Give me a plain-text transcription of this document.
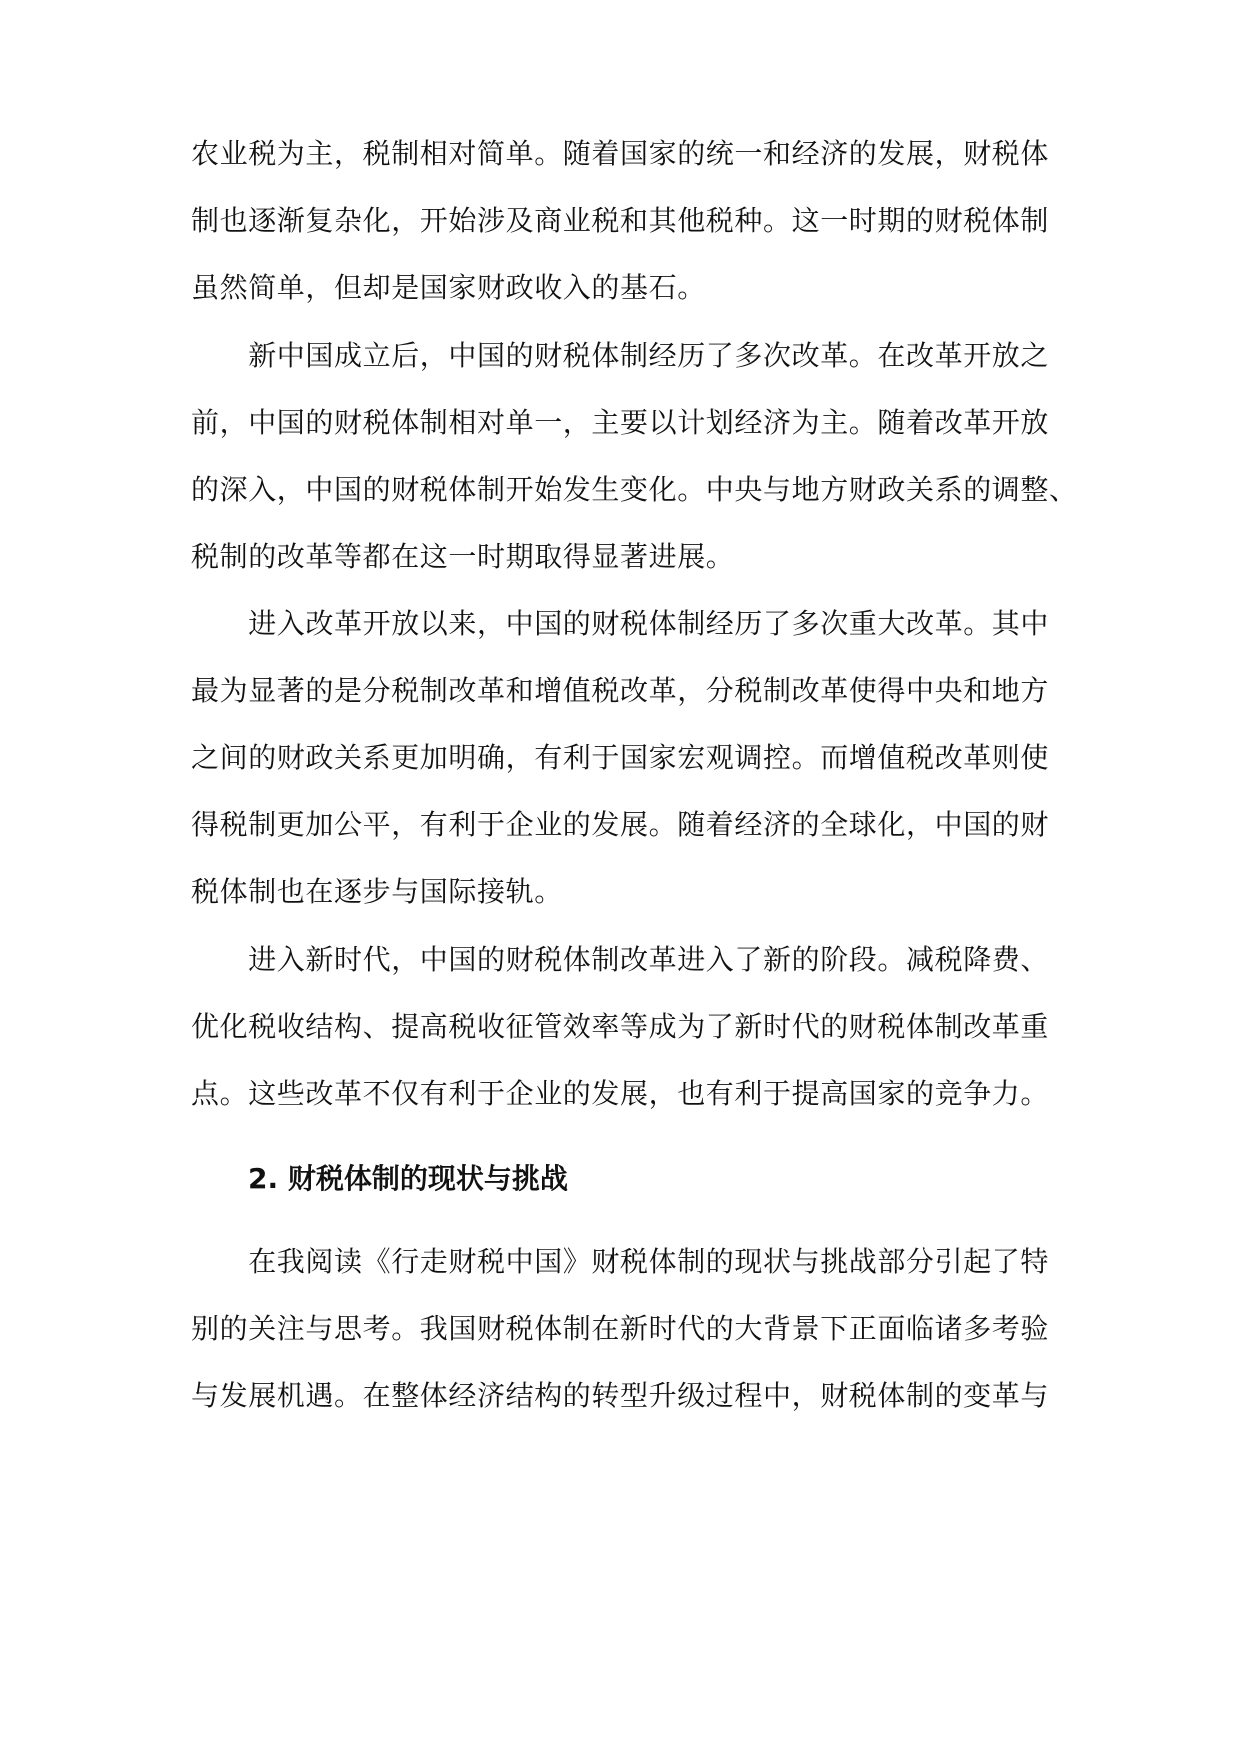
农业税为主，税制相对简单。随着国家的统一和经济的发展，财税体
制也逐渐复杂化，开始涉及商业税和其他税种。这一时期的财税体制
虽然简单，但却是国家财政收入的基石。
　　新中国成立后，中国的财税体制经历了多次改革。在改革开放之
前，中国的财税体制相对单一，主要以计划经济为主。随着改革开放
的深入，中国的财税体制开始发生变化。中央与地方财政关系的调整、
税制的改革等都在这一时期取得显著进展。
　　进入改革开放以来，中国的财税体制经历了多次重大改革。其中
最为显著的是分税制改革和增值税改革，分税制改革使得中央和地方
之间的财政关系更加明确，有利于国家宏观调控。而增值税改革则使
得税制更加公平，有利于企业的发展。随着经济的全球化，中国的财
税体制也在逐步与国际接轨。
　　进入新时代，中国的财税体制改革进入了新的阶段。减税降费、
优化税收结构、提高税收征管效率等成为了新时代的财税体制改革重
点。这些改革不仅有利于企业的发展，也有利于提高国家的竞争力。
2. 财税体制的现状与挑战
　　在我阅读《行走财税中国》财税体制的现状与挑战部分引起了特
别的关注与思考。我国财税体制在新时代的大背景下正面临诸多考验
与发展机遇。在整体经济结构的转型升级过程中，财税体制的变革与
